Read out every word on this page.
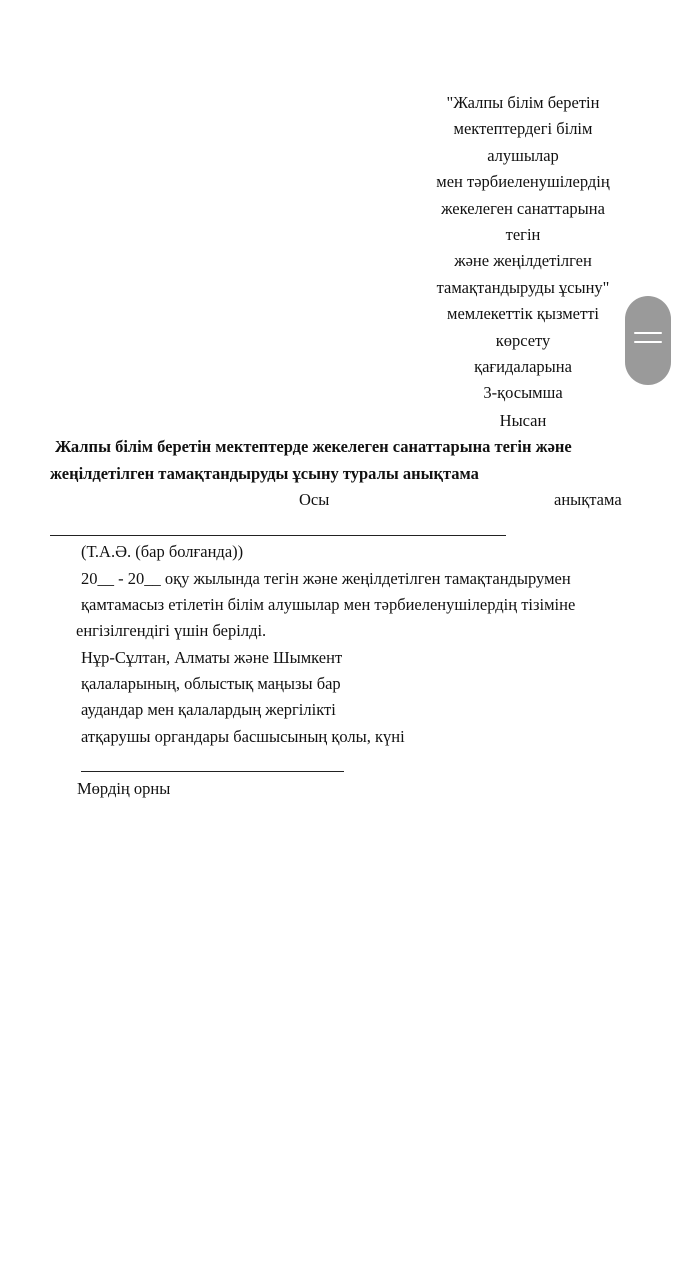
"Жалпы білім беретін
мектептердегі білім
алушылар
мен тәрбиеленушілердің
жекелеген санаттарына
тегін
және жеңілдетілген
тамақтандыруды ұсыну"
мемлекеттік қызметті
көрсету
қағидаларына
3-қосымша
Нысан
Жалпы білім беретін мектептерде жекелеген санаттарына тегін және
жеңілдетілген тамақтандыруды ұсыну туралы анықтама
Осы	анықтама
(Т.А.Ә. (бар болғанда))
20__ - 20__ оқу жылында тегін және жеңілдетілген тамақтандырумен
қамтамасыз етілетін білім алушылар мен тәрбиеленушілердің тізіміне
енгізілгендігі үшін берілді.
Нұр-Сұлтан, Алматы және Шымкент
қалаларының, облыстық маңызы бар
аудандар мен қалалардың жергілікті
атқарушы органдары басшысының қолы, күні
Мөрдің орны
